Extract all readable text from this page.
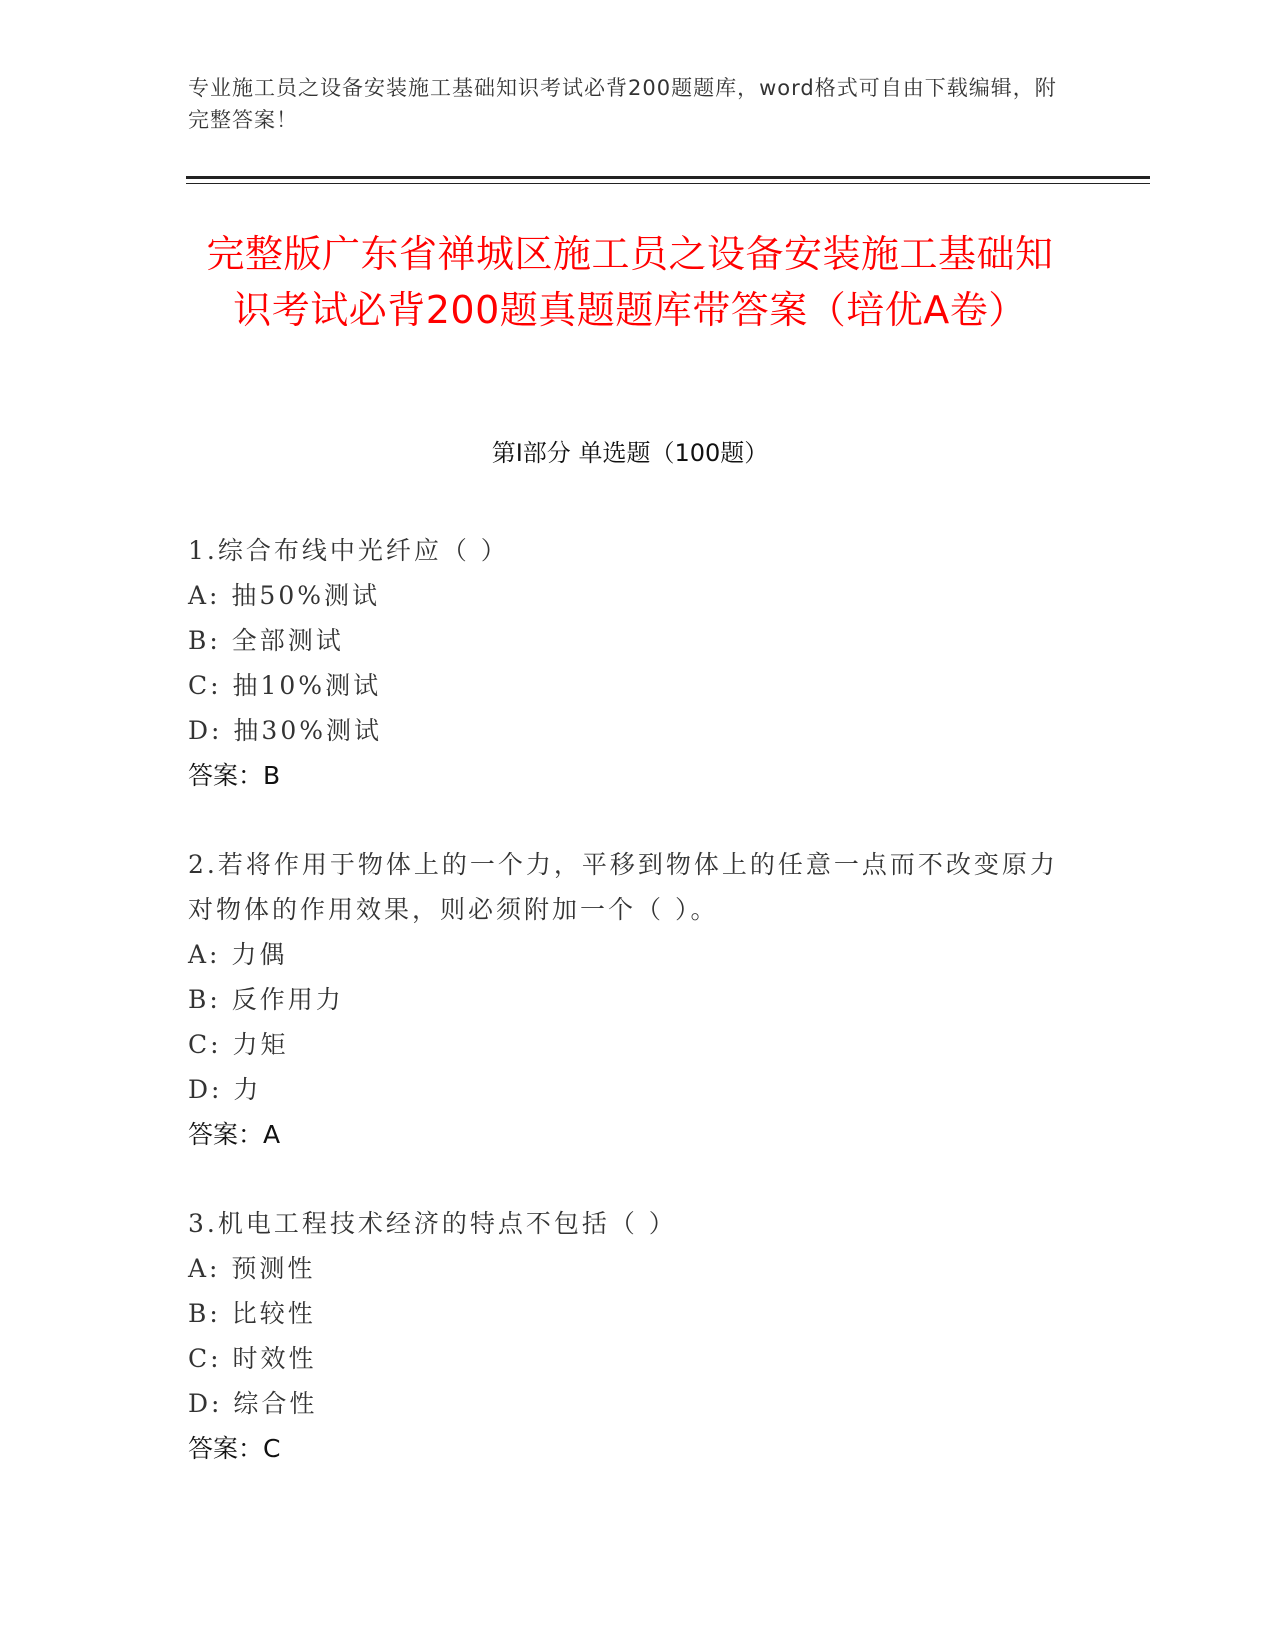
专业施工员之设备安装施工基础知识考试必背200题题库，word格式可自由下载编辑，附完整答案！
完整版广东省禅城区施工员之设备安装施工基础知识考试必背200题真题题库带答案（培优A卷）
第Ⅰ部分 单选题（100题）
1.综合布线中光纤应（ ）
A: 抽50%测试
B: 全部测试
C: 抽10%测试
D: 抽30%测试
答案：B
2.若将作用于物体上的一个力，平移到物体上的任意一点而不改变原力对物体的作用效果，则必须附加一个（ ）。
A: 力偶
B: 反作用力
C: 力矩
D: 力
答案：A
3.机电工程技术经济的特点不包括（ ）
A: 预测性
B: 比较性
C: 时效性
D: 综合性
答案：C
